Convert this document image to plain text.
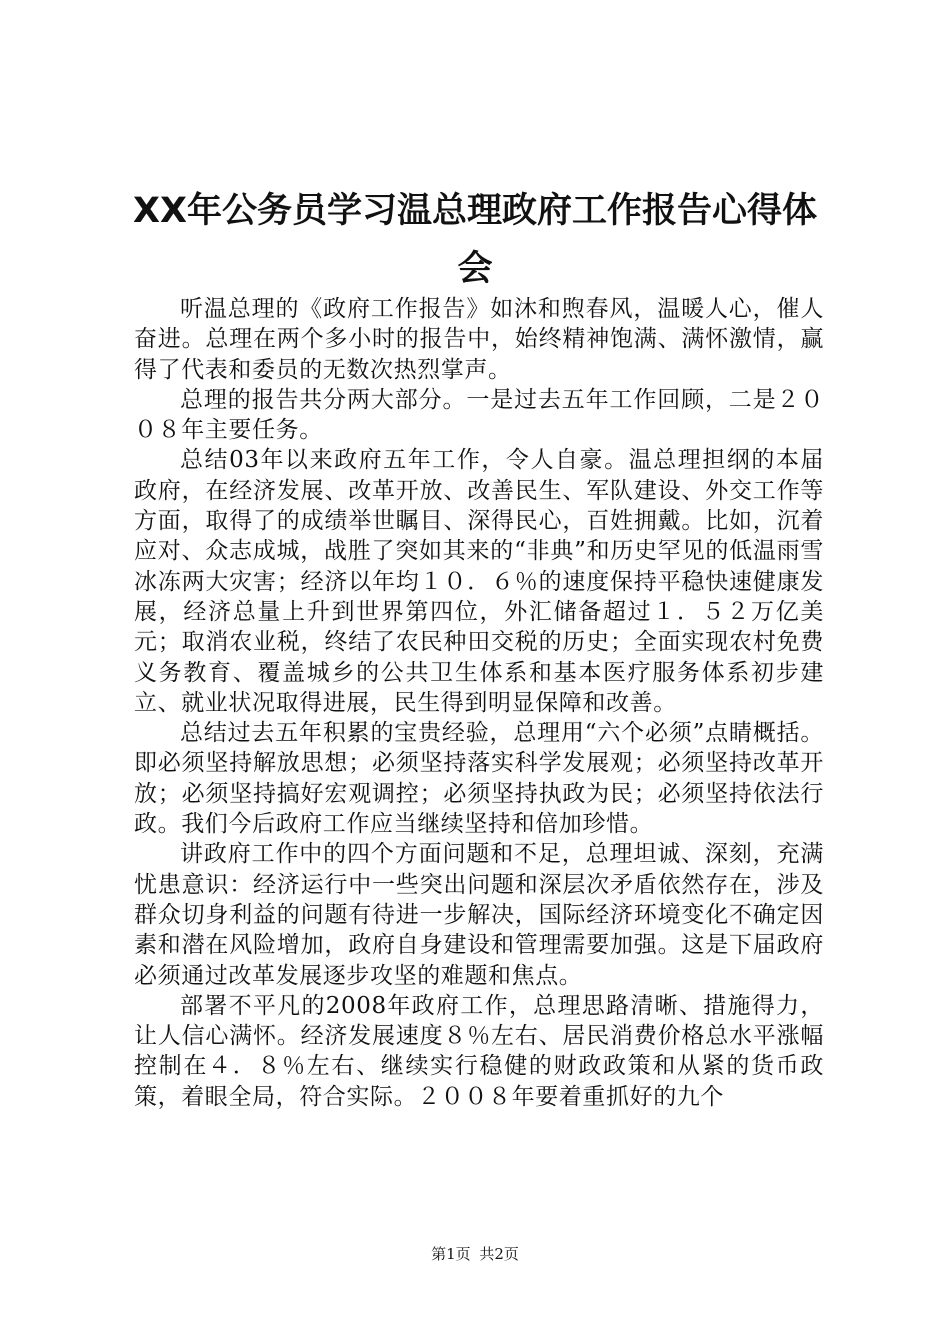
XX年公务员学习温总理政府工作报告心得体会

听温总理的《政府工作报告》如沐和煦春风，温暖人心，催人奋进。总理在两个多小时的报告中，始终精神饱满、满怀激情，赢得了代表和委员的无数次热烈掌声。

总理的报告共分两大部分。一是过去五年工作回顾，二是２００８年主要任务。

总结03年以来政府五年工作，令人自豪。温总理担纲的本届政府，在经济发展、改革开放、改善民生、军队建设、外交工作等方面，取得了的成绩举世瞩目、深得民心，百姓拥戴。比如，沉着应对、众志成城，战胜了突如其来的“非典”和历史罕见的低温雨雪冰冻两大灾害；经济以年均１０．６％的速度保持平稳快速健康发展，经济总量上升到世界第四位，外汇储备超过１．５２万亿美元；取消农业税，终结了农民种田交税的历史；全面实现农村免费义务教育、覆盖城乡的公共卫生体系和基本医疗服务体系初步建立、就业状况取得进展，民生得到明显保障和改善。

总结过去五年积累的宝贵经验，总理用“六个必须”点睛概括。即必须坚持解放思想；必须坚持落实科学发展观；必须坚持改革开放；必须坚持搞好宏观调控；必须坚持执政为民；必须坚持依法行政。我们今后政府工作应当继续坚持和倍加珍惜。

讲政府工作中的四个方面问题和不足，总理坦诚、深刻，充满忧患意识：经济运行中一些突出问题和深层次矛盾依然存在，涉及群众切身利益的问题有待进一步解决，国际经济环境变化不确定因素和潜在风险增加，政府自身建设和管理需要加强。这是下届政府必须通过改革发展逐步攻坚的难题和焦点。

部署不平凡的2008年政府工作，总理思路清晰、措施得力，让人信心满怀。经济发展速度８％左右、居民消费价格总水平涨幅控制在４．８％左右、继续实行稳健的财政政策和从紧的货币政策，着眼全局，符合实际。２００８年要着重抓好的九个

第1页 共2页
